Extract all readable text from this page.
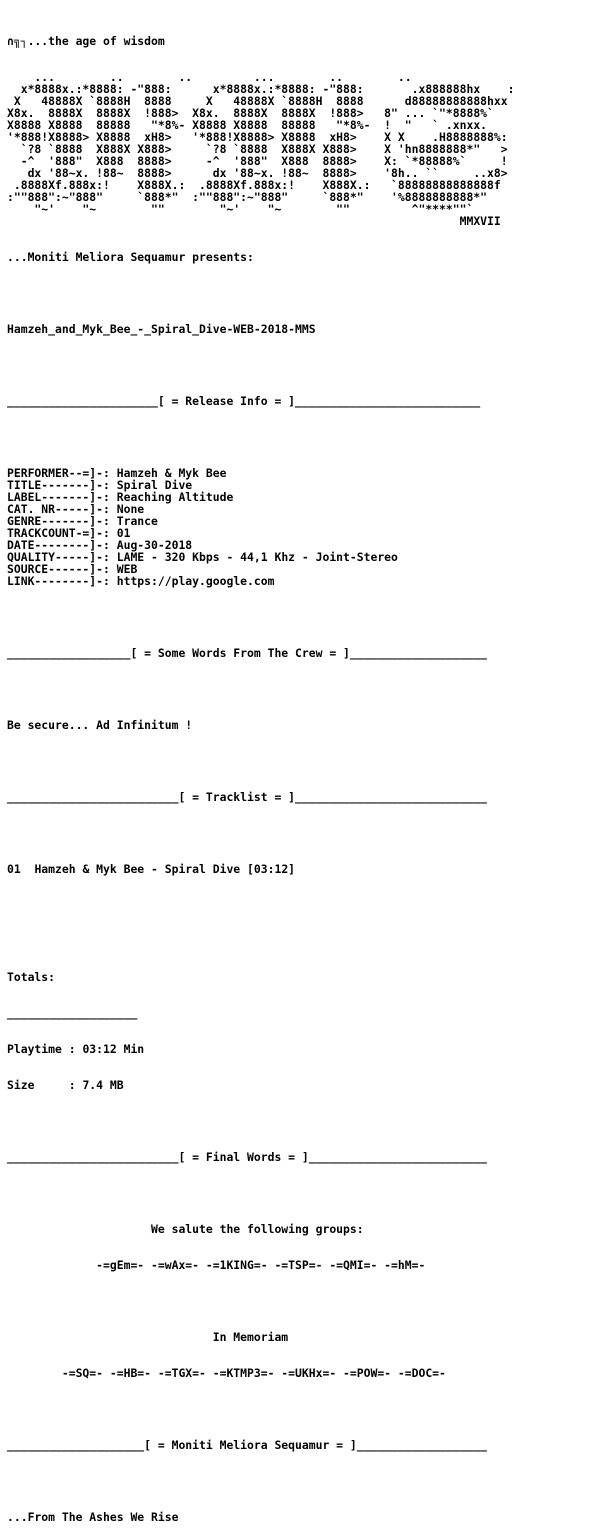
∩╗┐...the age of wisdom

...        ..        ..         ...        ..        ..
x*8888x.:*8888: -"888:      x*8888x.:*8888: -"888:       .x888888hx    :
X   48888X `8888H  8888     X   48888X `8888H  8888      d88888888888hxx
X8x.  8888X  8888X  !888>  X8x.  8888X  8888X  !888>   8" ... `"*8888%`
X8888 X8888  88888   "*8%- X8888 X8888  88888   "*8%-  !  "   ` .xnxx.
'*888!X8888> X8888  xH8>   '*888!X8888> X8888  xH8>    X X    .H8888888%:
`?8 `8888  X888X X888>     `?8 `8888  X888X X888>    X 'hn8888888*"   >
-^  '888"  X888  8888>     -^  '888"  X888  8888>    X: `*88888%`     !
dx '88~x. !88~  8888>      dx '88~x. !88~  8888>    '8h.. ``     ..x8>
.8888Xf.888x:!    X888X.:  .8888Xf.888x:!    X888X.:   `88888888888888f
:""888":~"888"     `888*"  :""888":~"888"     `888*"    '%8888888888*"
"~'    "~        ""        "~'    "~        ""         ^"****""`
MMXVII

...Moniti Meliora Sequamur presents:

Hamzeh_and_Myk_Bee_-_Spiral_Dive-WEB-2018-MMS

______________________[ = Release Info = ]___________________________

PERFORMER--=]-: Hamzeh & Myk Bee
TITLE-------]-: Spiral Dive
LABEL-------]-: Reaching Altitude
CAT. NR-----]-: None
GENRE-------]-: Trance
TRACKCOUNT-=]-: 01
DATE--------]-: Aug-30-2018
QUALITY-----]-: LAME - 320 Kbps - 44,1 Khz - Joint-Stereo
SOURCE------]-: WEB
LINK--------]-: https://play.google.com

__________________[ = Some Words From The Crew = ]____________________

Be secure... Ad Infinitum !

_________________________[ = Tracklist = ]____________________________

01 Hamzeh & Myk Bee - Spiral Dive [03:12]

Totals:

___________________

Playtime : 03:12 Min

Size     : 7.4 MB

_________________________[ = Final Words = ]__________________________

We salute the following groups:

-=gEm=- -=wAx=- -=1KING=- -=TSP=- -=QMI=- -=hM=-

In Memoriam

-=SQ=- -=HB=- -=TGX=- -=KTMP3=- -=UKHx=- -=POW=- -=DOC=-

____________________[ = Moniti Meliora Sequamur = ]___________________

...From The Ashes We Rise
